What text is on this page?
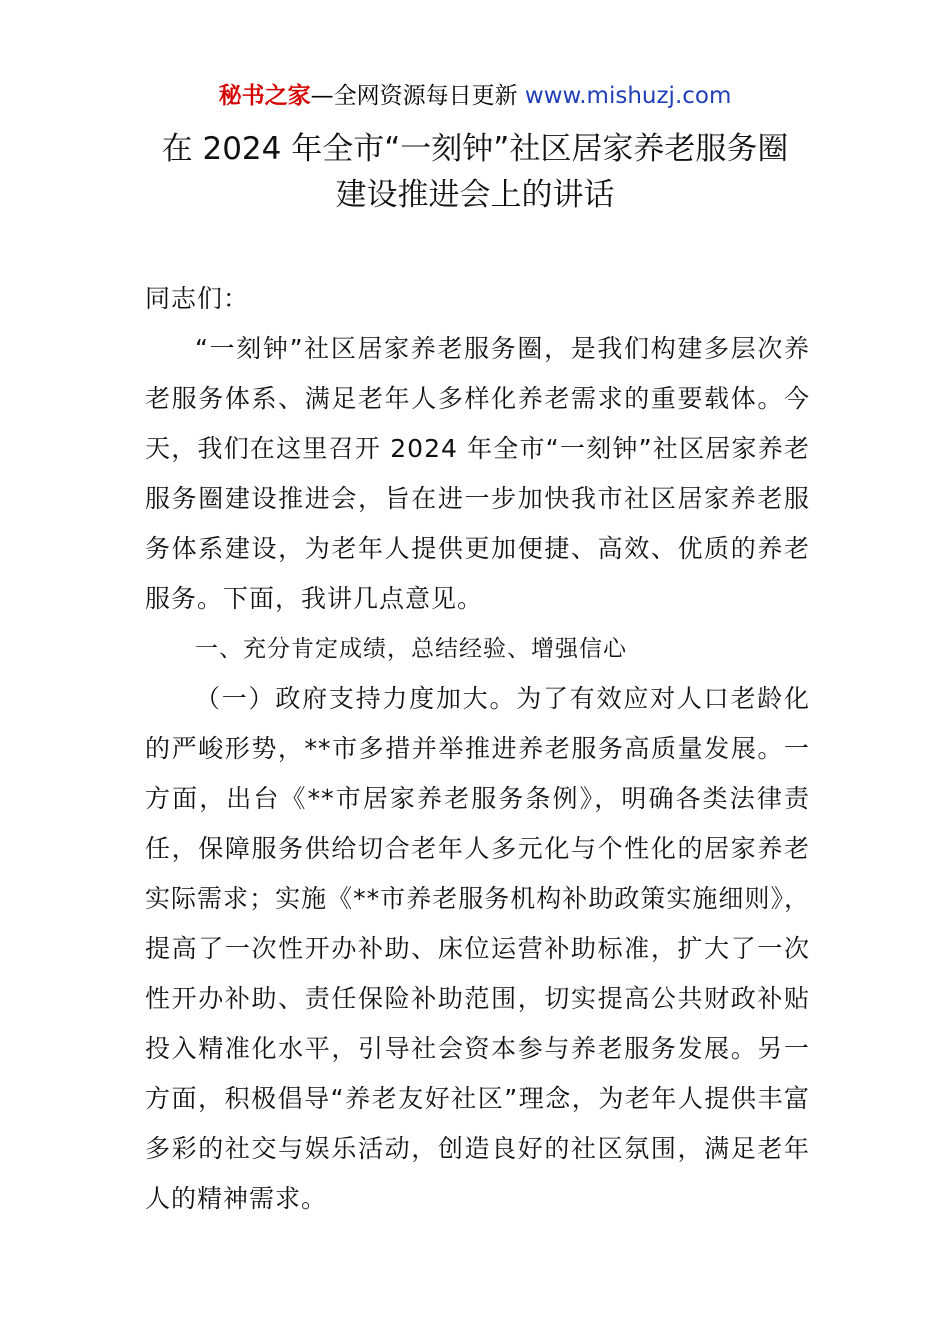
秘书之家—全网资源每日更新 www.mishuzj.com
在 2024 年全市“一刻钟”社区居家养老服务圈
建设推进会上的讲话

同志们：

“一刻钟”社区居家养老服务圈，是我们构建多层次养老服务体系、满足老年人多样化养老需求的重要载体。今天，我们在这里召开 2024 年全市“一刻钟”社区居家养老服务圈建设推进会，旨在进一步加快我市社区居家养老服务体系建设，为老年人提供更加便捷、高效、优质的养老服务。下面，我讲几点意见。

一、充分肯定成绩，总结经验、增强信心

（一）政府支持力度加大。为了有效应对人口老龄化的严峻形势，**市多措并举推进养老服务高质量发展。一方面，出台《**市居家养老服务条例》，明确各类法律责任，保障服务供给切合老年人多元化与个性化的居家养老实际需求；实施《**市养老服务机构补助政策实施细则》，提高了一次性开办补助、床位运营补助标准，扩大了一次性开办补助、责任保险补助范围，切实提高公共财政补贴投入精准化水平，引导社会资本参与养老服务发展。另一方面，积极倡导“养老友好社区”理念，为老年人提供丰富多彩的社交与娱乐活动，创造良好的社区氛围，满足老年人的精神需求。
